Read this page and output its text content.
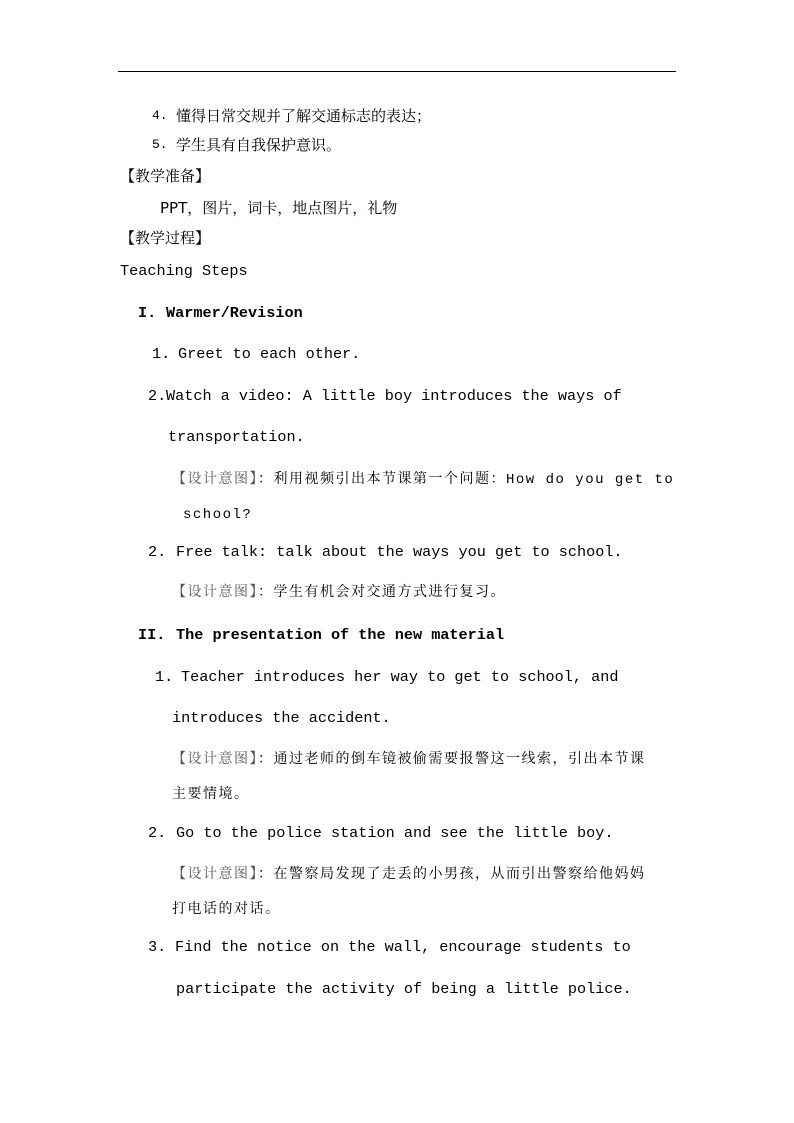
4. 懂得日常交规并了解交通标志的表达；
5. 学生具有自我保护意识。
【教学准备】
PPT，图片，词卡，地点图片，礼物
【教学过程】
Teaching Steps
I. Warmer/Revision
1. Greet to each other.
2. Watch a video: A little boy introduces the ways of
transportation.
【设计意图】：利用视频引出本节课第一个问题：How do you get to
school?
2. Free talk: talk about the ways you get to school.
【设计意图】：学生有机会对交通方式进行复习。
II. The presentation of the new material
1. Teacher introduces her way to get to school, and
introduces the accident.
【设计意图】：通过老师的倒车镜被偷需要报警这一线索，引出本节课
主要情境。
2. Go to the police station and see the little boy.
【设计意图】：在警察局发现了走丢的小男孩，从而引出警察给他妈妈
打电话的对话。
3. Find the notice on the wall, encourage students to
participate the activity of being a little police.
